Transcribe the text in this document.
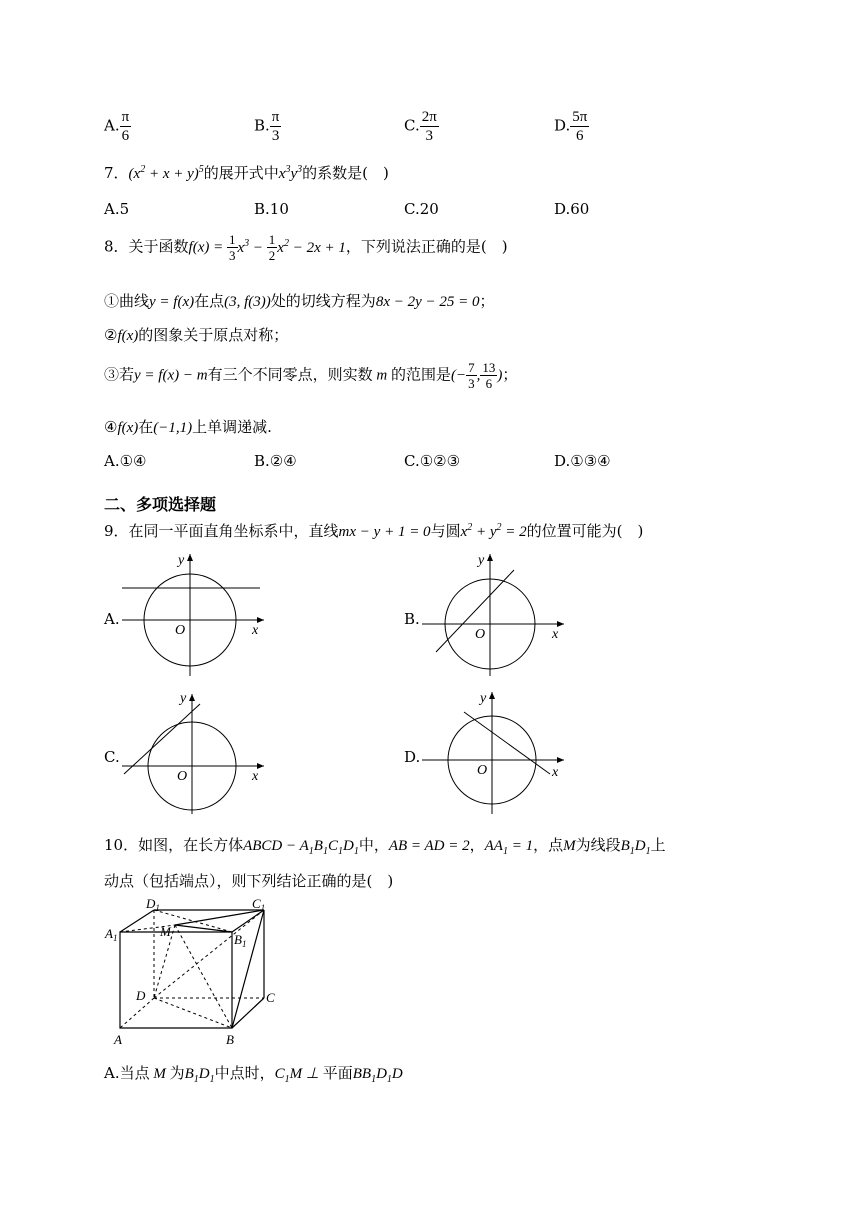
A. $\frac{\pi}{6}$	B. $\frac{\pi}{3}$	C. $\frac{2\pi}{3}$	D. $\frac{5\pi}{6}$
7．$(x^2 + x + y)^5$的展开式中$x^3y^3$的系数是(　)
A.5	B.10	C.20	D.60
8．关于函数$f(x) = \frac{1}{3} x^3 - \frac{1}{2} x^2 - 2x + 1$，下列说法正确的是(　)
①曲线y = f(x)在点(3, f(3))处的切线方程为8x − 2y − 25 = 0；
②f(x)的图象关于原点对称；
③若y = f(x) − m有三个不同零点，则实数 m 的范围是(− $\frac{7}{3}$ , $\frac{13}{6}$ )；
④f(x)在(−1,1)上单调递减.
A.①④	B.②④	C.①②③	D.①③④
二、多项选择题
9．在同一平面直角坐标系中，直线mx − y + 1 = 0与圆$x^2 + y^2 = 2$的位置可能为(　)
A.
y
x
O
B.
y
x
O
C.
y
x
O
D.
y
x
O
10．如图，在长方体ABCD − $A_1B_1C_1D_1$中，AB = AD = 2，$AA_1 = 1$，点M为线段$B_1D_1$上
动点（包括端点），则下列结论正确的是(　)
$D_1$	$C_1$
$A_1$	$B_1$
M
D	C
A	B
A.当点 M 为$B_1D_1$中点时，$C_1M$ ⊥ 平面$BB_1D_1D$
